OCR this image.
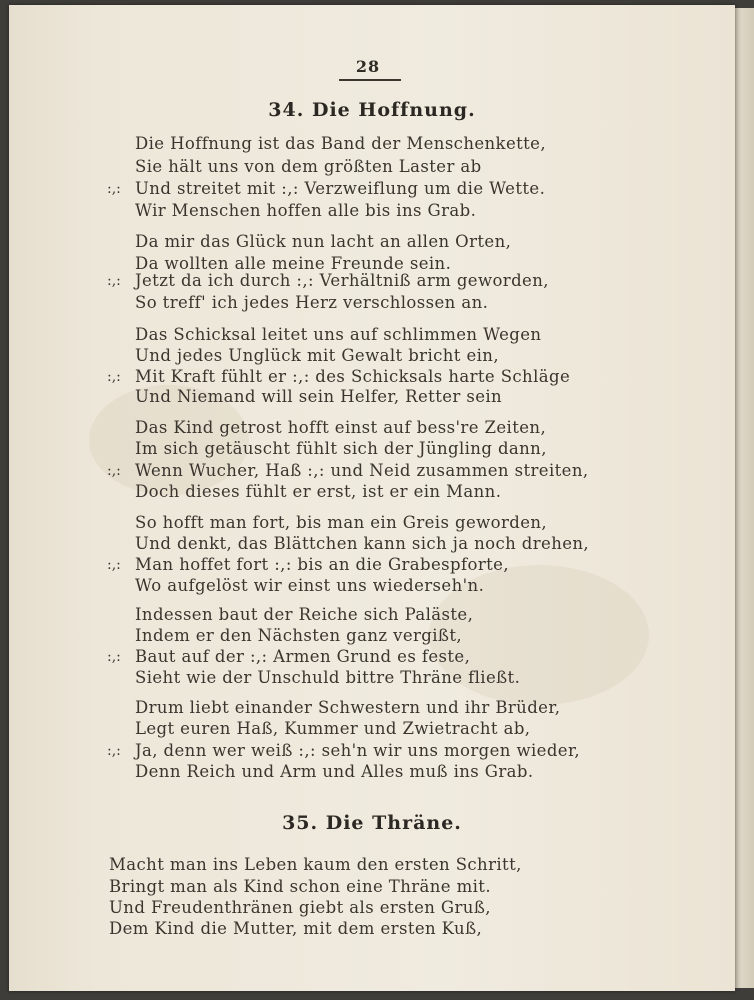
28
34. Die Hoffnung.
Die Hoffnung ist das Band der Menschenkette,
Sie hält uns von dem größten Laster ab
:,: Und streitet mit :,: Verzweiflung um die Wette.
Wir Menschen hoffen alle bis ins Grab.
Da mir das Glück nun lacht an allen Orten,
Da wollten alle meine Freunde sein.
:,: Jetzt da ich durch :,: Verhältniß arm geworden,
So treff' ich jedes Herz verschlossen an.
Das Schicksal leitet uns auf schlimmen Wegen
Und jedes Unglück mit Gewalt bricht ein,
:,: Mit Kraft fühlt er :,: des Schicksals harte Schläge
Und Niemand will sein Helfer, Retter sein
Das Kind getrost hofft einst auf bess're Zeiten,
Im sich getäuscht fühlt sich der Jüngling dann,
:,: Wenn Wucher, Haß :,: und Neid zusammen streiten,
Doch dieses fühlt er erst, ist er ein Mann.
So hofft man fort, bis man ein Greis geworden,
Und denkt, das Blättchen kann sich ja noch drehen,
:,: Man hoffet fort :,: bis an die Grabespforte,
Wo aufgelöst wir einst uns wiederseh'n.
Indessen baut der Reiche sich Paläste,
Indem er den Nächsten ganz vergißt,
:,: Baut auf der :,: Armen Grund es feste,
Sieht wie der Unschuld bittre Thräne fließt.
Drum liebt einander Schwestern und ihr Brüder,
Legt euren Haß, Kummer und Zwietracht ab,
:,: Ja, denn wer weiß :,: seh'n wir uns morgen wieder,
Denn Reich und Arm und Alles muß ins Grab.
35. Die Thräne.
Macht man ins Leben kaum den ersten Schritt,
Bringt man als Kind schon eine Thräne mit.
Und Freudenthränen giebt als ersten Gruß,
Dem Kind die Mutter, mit dem ersten Kuß,
